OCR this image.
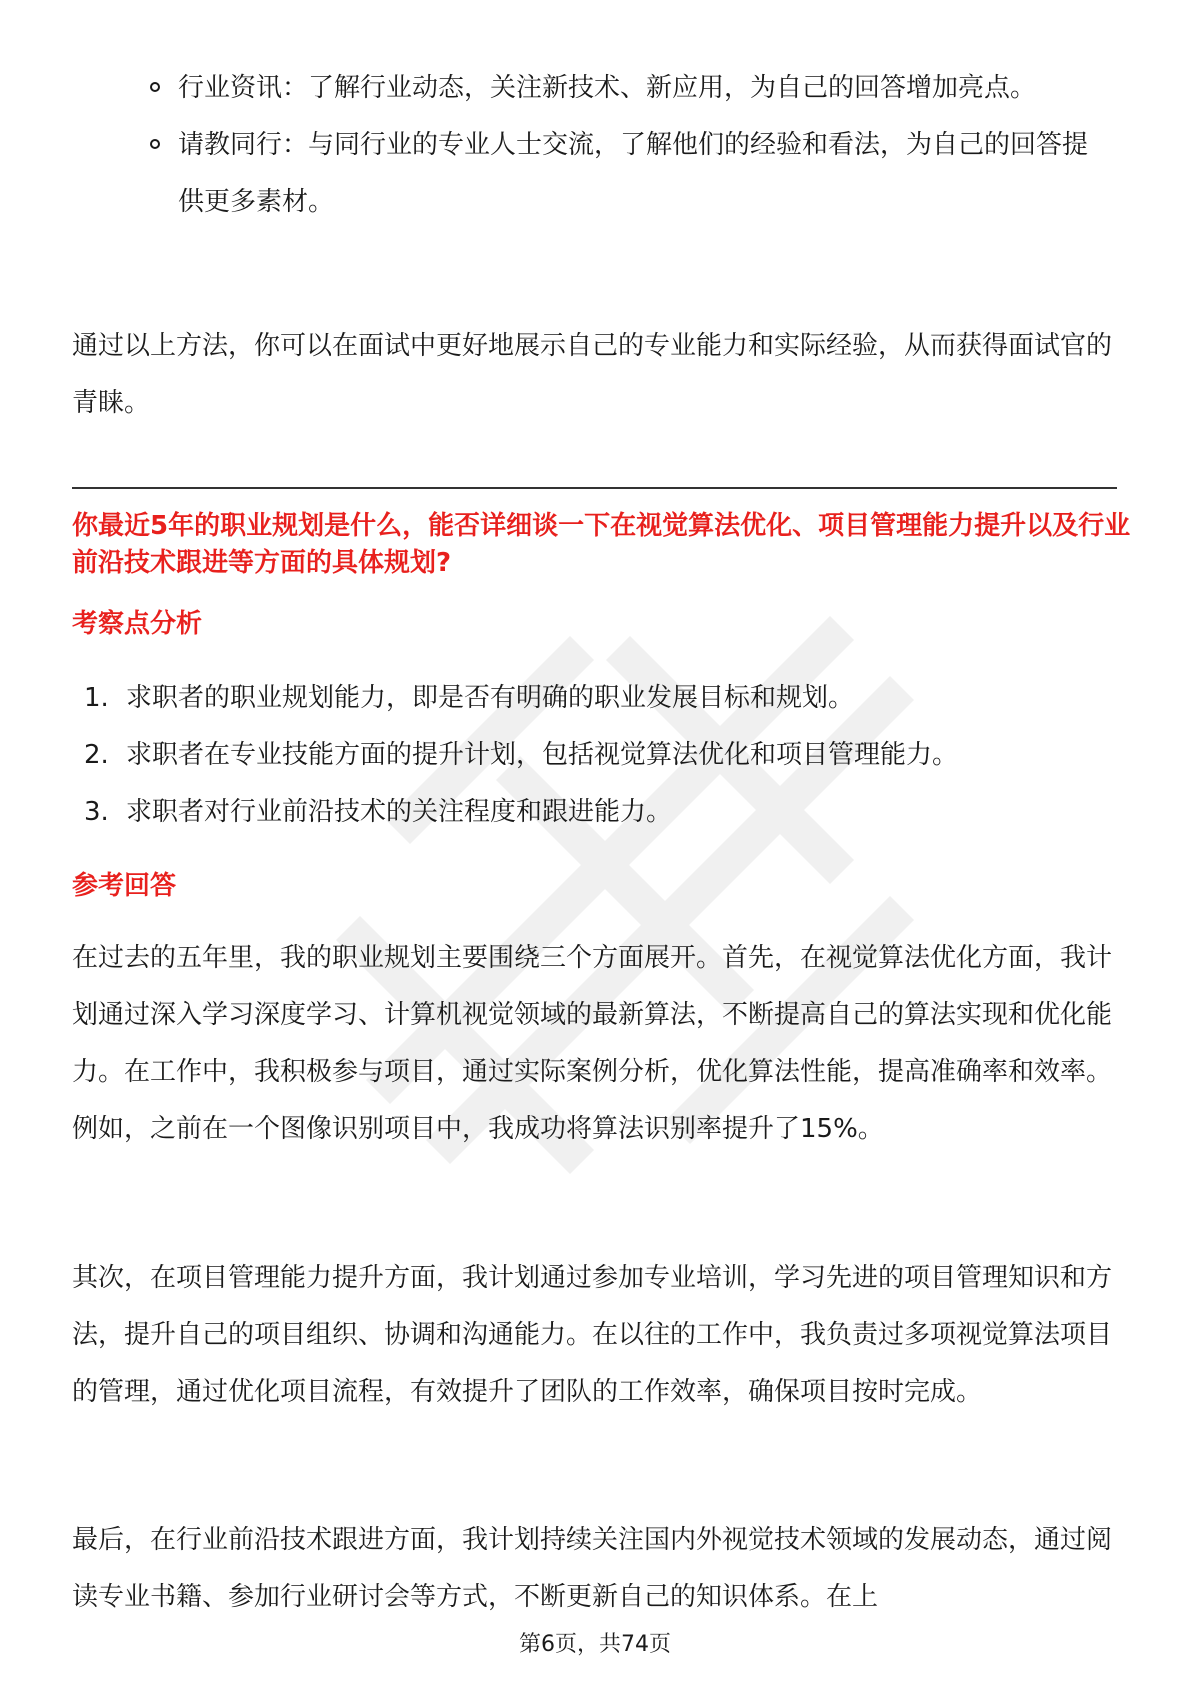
行业资讯：了解行业动态，关注新技术、新应用，为自己的回答增加亮点。
请教同行：与同行业的专业人士交流，了解他们的经验和看法，为自己的回答提供更多素材。

通过以上方法，你可以在面试中更好地展示自己的专业能力和实际经验，从而获得面试官的青睐。

你最近5年的职业规划是什么，能否详细谈一下在视觉算法优化、项目管理能力提升以及行业前沿技术跟进等方面的具体规划?
考察点分析
1. 求职者的职业规划能力，即是否有明确的职业发展目标和规划。
2. 求职者在专业技能方面的提升计划，包括视觉算法优化和项目管理能力。
3. 求职者对行业前沿技术的关注程度和跟进能力。
参考回答

在过去的五年里，我的职业规划主要围绕三个方面展开。首先，在视觉算法优化方面，我计划通过深入学习深度学习、计算机视觉领域的最新算法，不断提高自己的算法实现和优化能力。在工作中，我积极参与项目，通过实际案例分析，优化算法性能，提高准确率和效率。例如，之前在一个图像识别项目中，我成功将算法识别率提升了15%。

其次，在项目管理能力提升方面，我计划通过参加专业培训，学习先进的项目管理知识和方法，提升自己的项目组织、协调和沟通能力。在以往的工作中，我负责过多项视觉算法项目的管理，通过优化项目流程，有效提升了团队的工作效率，确保项目按时完成。

最后，在行业前沿技术跟进方面，我计划持续关注国内外视觉技术领域的发展动态，通过阅读专业书籍、参加行业研讨会等方式，不断更新自己的知识体系。在上

第6页，共74页
